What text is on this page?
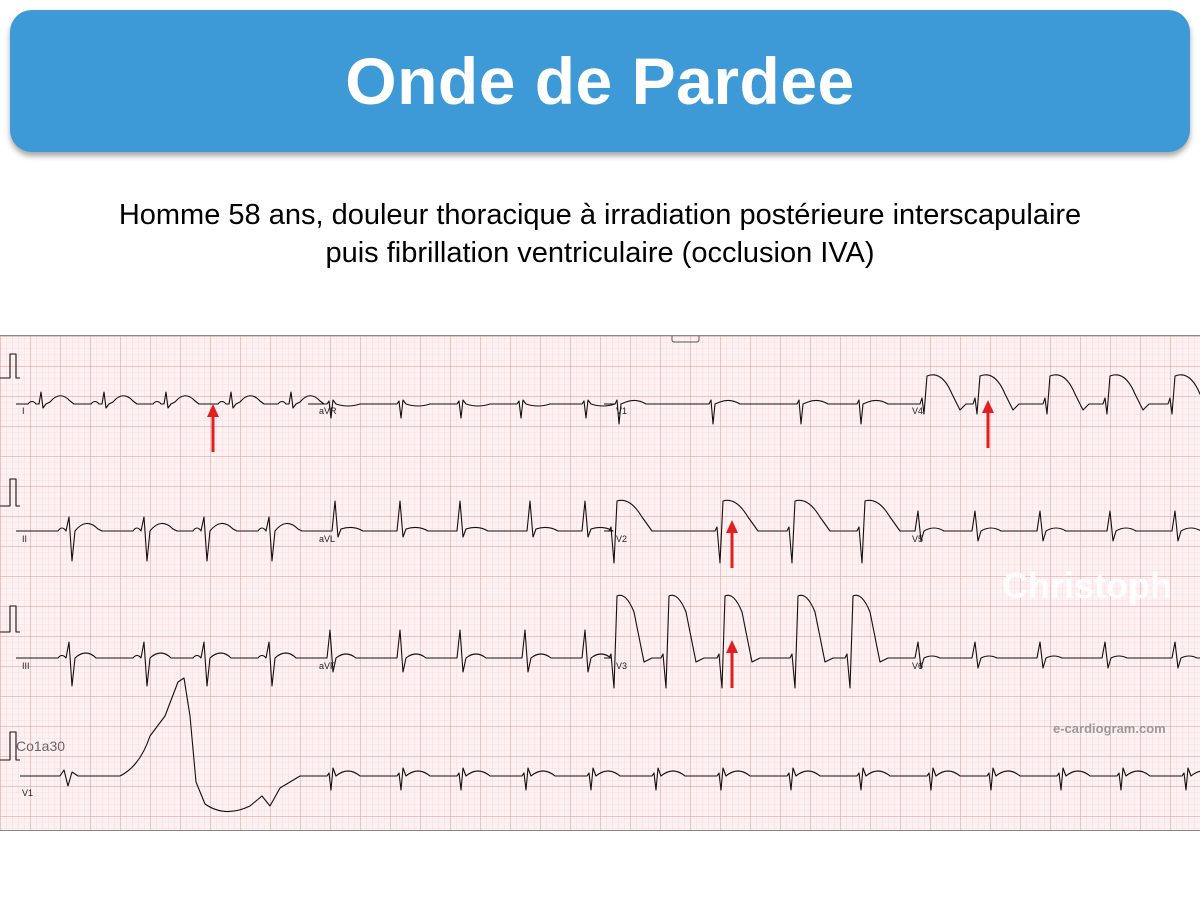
Onde de Pardee
Homme 58 ans, douleur thoracique à irradiation postérieure interscapulaire
puis fibrillation ventriculaire (occlusion IVA)
I	aVR	V1	V4
II	aVL	V2	V5
III	aVF	V3	V6
V1
Christoph
e-cardiogram.com
Co1a30
